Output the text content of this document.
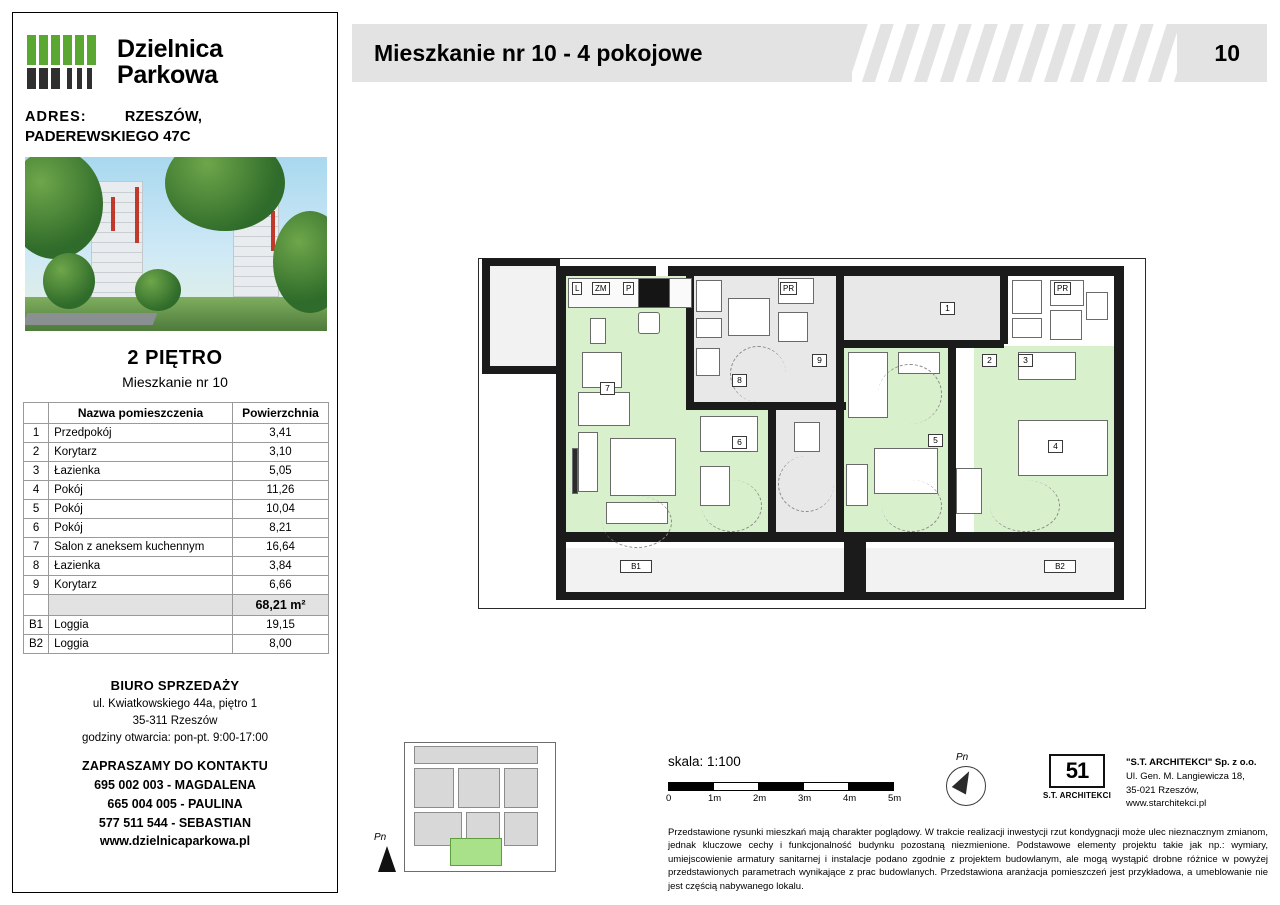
Dzielnica
Parkowa
ADRES:	RZESZÓW,
PADEREWSKIEGO 47C
2 PIĘTRO
Mieszkanie nr 10
	Nazwa pomieszczenia	Powierzchnia
1	Przedpokój	3,41
2	Korytarz	3,10
3	Łazienka	5,05
4	Pokój	11,26
5	Pokój	10,04
6	Pokój	8,21
7	Salon z aneksem kuchennym	16,64
8	Łazienka	3,84
9	Korytarz	6,66
		68,21 m²
B1	Loggia	19,15
B2	Loggia	8,00
BIURO SPRZEDAŻY
ul. Kwiatkowskiego 44a, piętro 1
35-311 Rzeszów
godziny otwarcia: pon-pt. 9:00-17:00
ZAPRASZAMY DO KONTAKTU
695 002 003 - MAGDALENA
665 004 005 - PAULINA
577 511 544 - SEBASTIAN
www.dzielnicaparkowa.pl
Mieszkanie nr 10 - 4 pokojowe	10
L	ZM	P	PR	PR
7
8
9
1
2	3
4
5
6
B1	B2
Pn
skala: 1:100
0	1m	2m	3m	4m	5m
Pn
51
S.T. ARCHITEKCI
"S.T. ARCHITEKCI" Sp. z o.o.
Ul. Gen. M. Langiewicza 18,
35-021 Rzeszów,
www.starchitekci.pl
Przedstawione rysunki mieszkań mają charakter poglądowy. W trakcie realizacji inwestycji rzut kondygnacji może ulec nieznacznym zmianom, jednak kluczowe cechy i funkcjonalność budynku pozostaną niezmienione. Podstawowe elementy projektu takie jak np.: wymiary, umiejscowienie armatury sanitarnej i instalacje podano zgodnie z projektem budowlanym, ale mogą wystąpić drobne różnice w powyżej przedstawionych parametrach wynikające z prac budowlanych. Przedstawiona aranżacja pomieszczeń jest przykładowa, a umeblowanie nie jest częścią nabywanego lokalu.
